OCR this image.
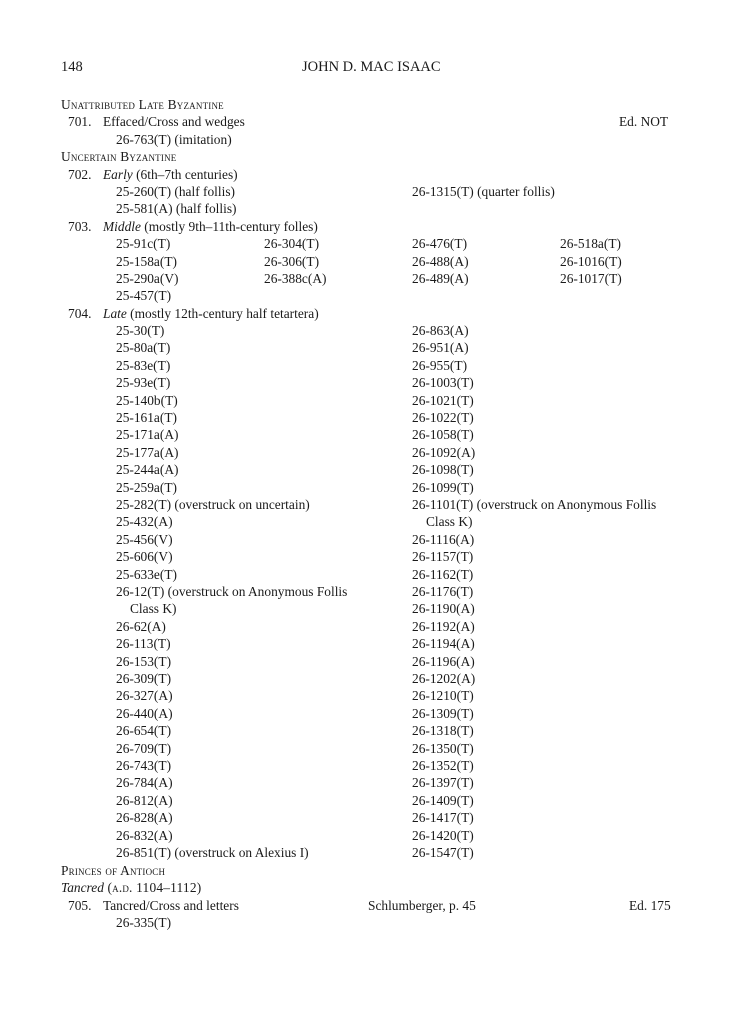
148	JOHN D. MAC ISAAC
Unattributed Late Byzantine
701. Effaced/Cross and wedges	Ed. NOT
26-763(T) (imitation)
Uncertain Byzantine
702. Early (6th–7th centuries)
25-260(T) (half follis)	26-1315(T) (quarter follis)
25-581(A) (half follis)
703. Middle (mostly 9th–11th-century folles)
25-91c(T)	26-304(T)	26-476(T)	26-518a(T)
25-158a(T)	26-306(T)	26-488(A)	26-1016(T)
25-290a(V)	26-388c(A)	26-489(A)	26-1017(T)
25-457(T)
704. Late (mostly 12th-century half tetartera)
25-30(T)	26-863(A)
25-80a(T)	26-951(A)
25-83e(T)	26-955(T)
25-93e(T)	26-1003(T)
25-140b(T)	26-1021(T)
25-161a(T)	26-1022(T)
25-171a(A)	26-1058(T)
25-177a(A)	26-1092(A)
25-244a(A)	26-1098(T)
25-259a(T)	26-1099(T)
25-282(T) (overstruck on uncertain)	26-1101(T) (overstruck on Anonymous Follis
25-432(A)	Class K)
25-456(V)	26-1116(A)
25-606(V)	26-1157(T)
25-633e(T)	26-1162(T)
26-12(T) (overstruck on Anonymous Follis	26-1176(T)
Class K)	26-1190(A)
26-62(A)	26-1192(A)
26-113(T)	26-1194(A)
26-153(T)	26-1196(A)
26-309(T)	26-1202(A)
26-327(A)	26-1210(T)
26-440(A)	26-1309(T)
26-654(T)	26-1318(T)
26-709(T)	26-1350(T)
26-743(T)	26-1352(T)
26-784(A)	26-1397(T)
26-812(A)	26-1409(T)
26-828(A)	26-1417(T)
26-832(A)	26-1420(T)
26-851(T) (overstruck on Alexius I)	26-1547(T)
Princes of Antioch
Tancred (a.d. 1104–1112)
705. Tancred/Cross and letters	Schlumberger, p. 45	Ed. 175
26-335(T)
